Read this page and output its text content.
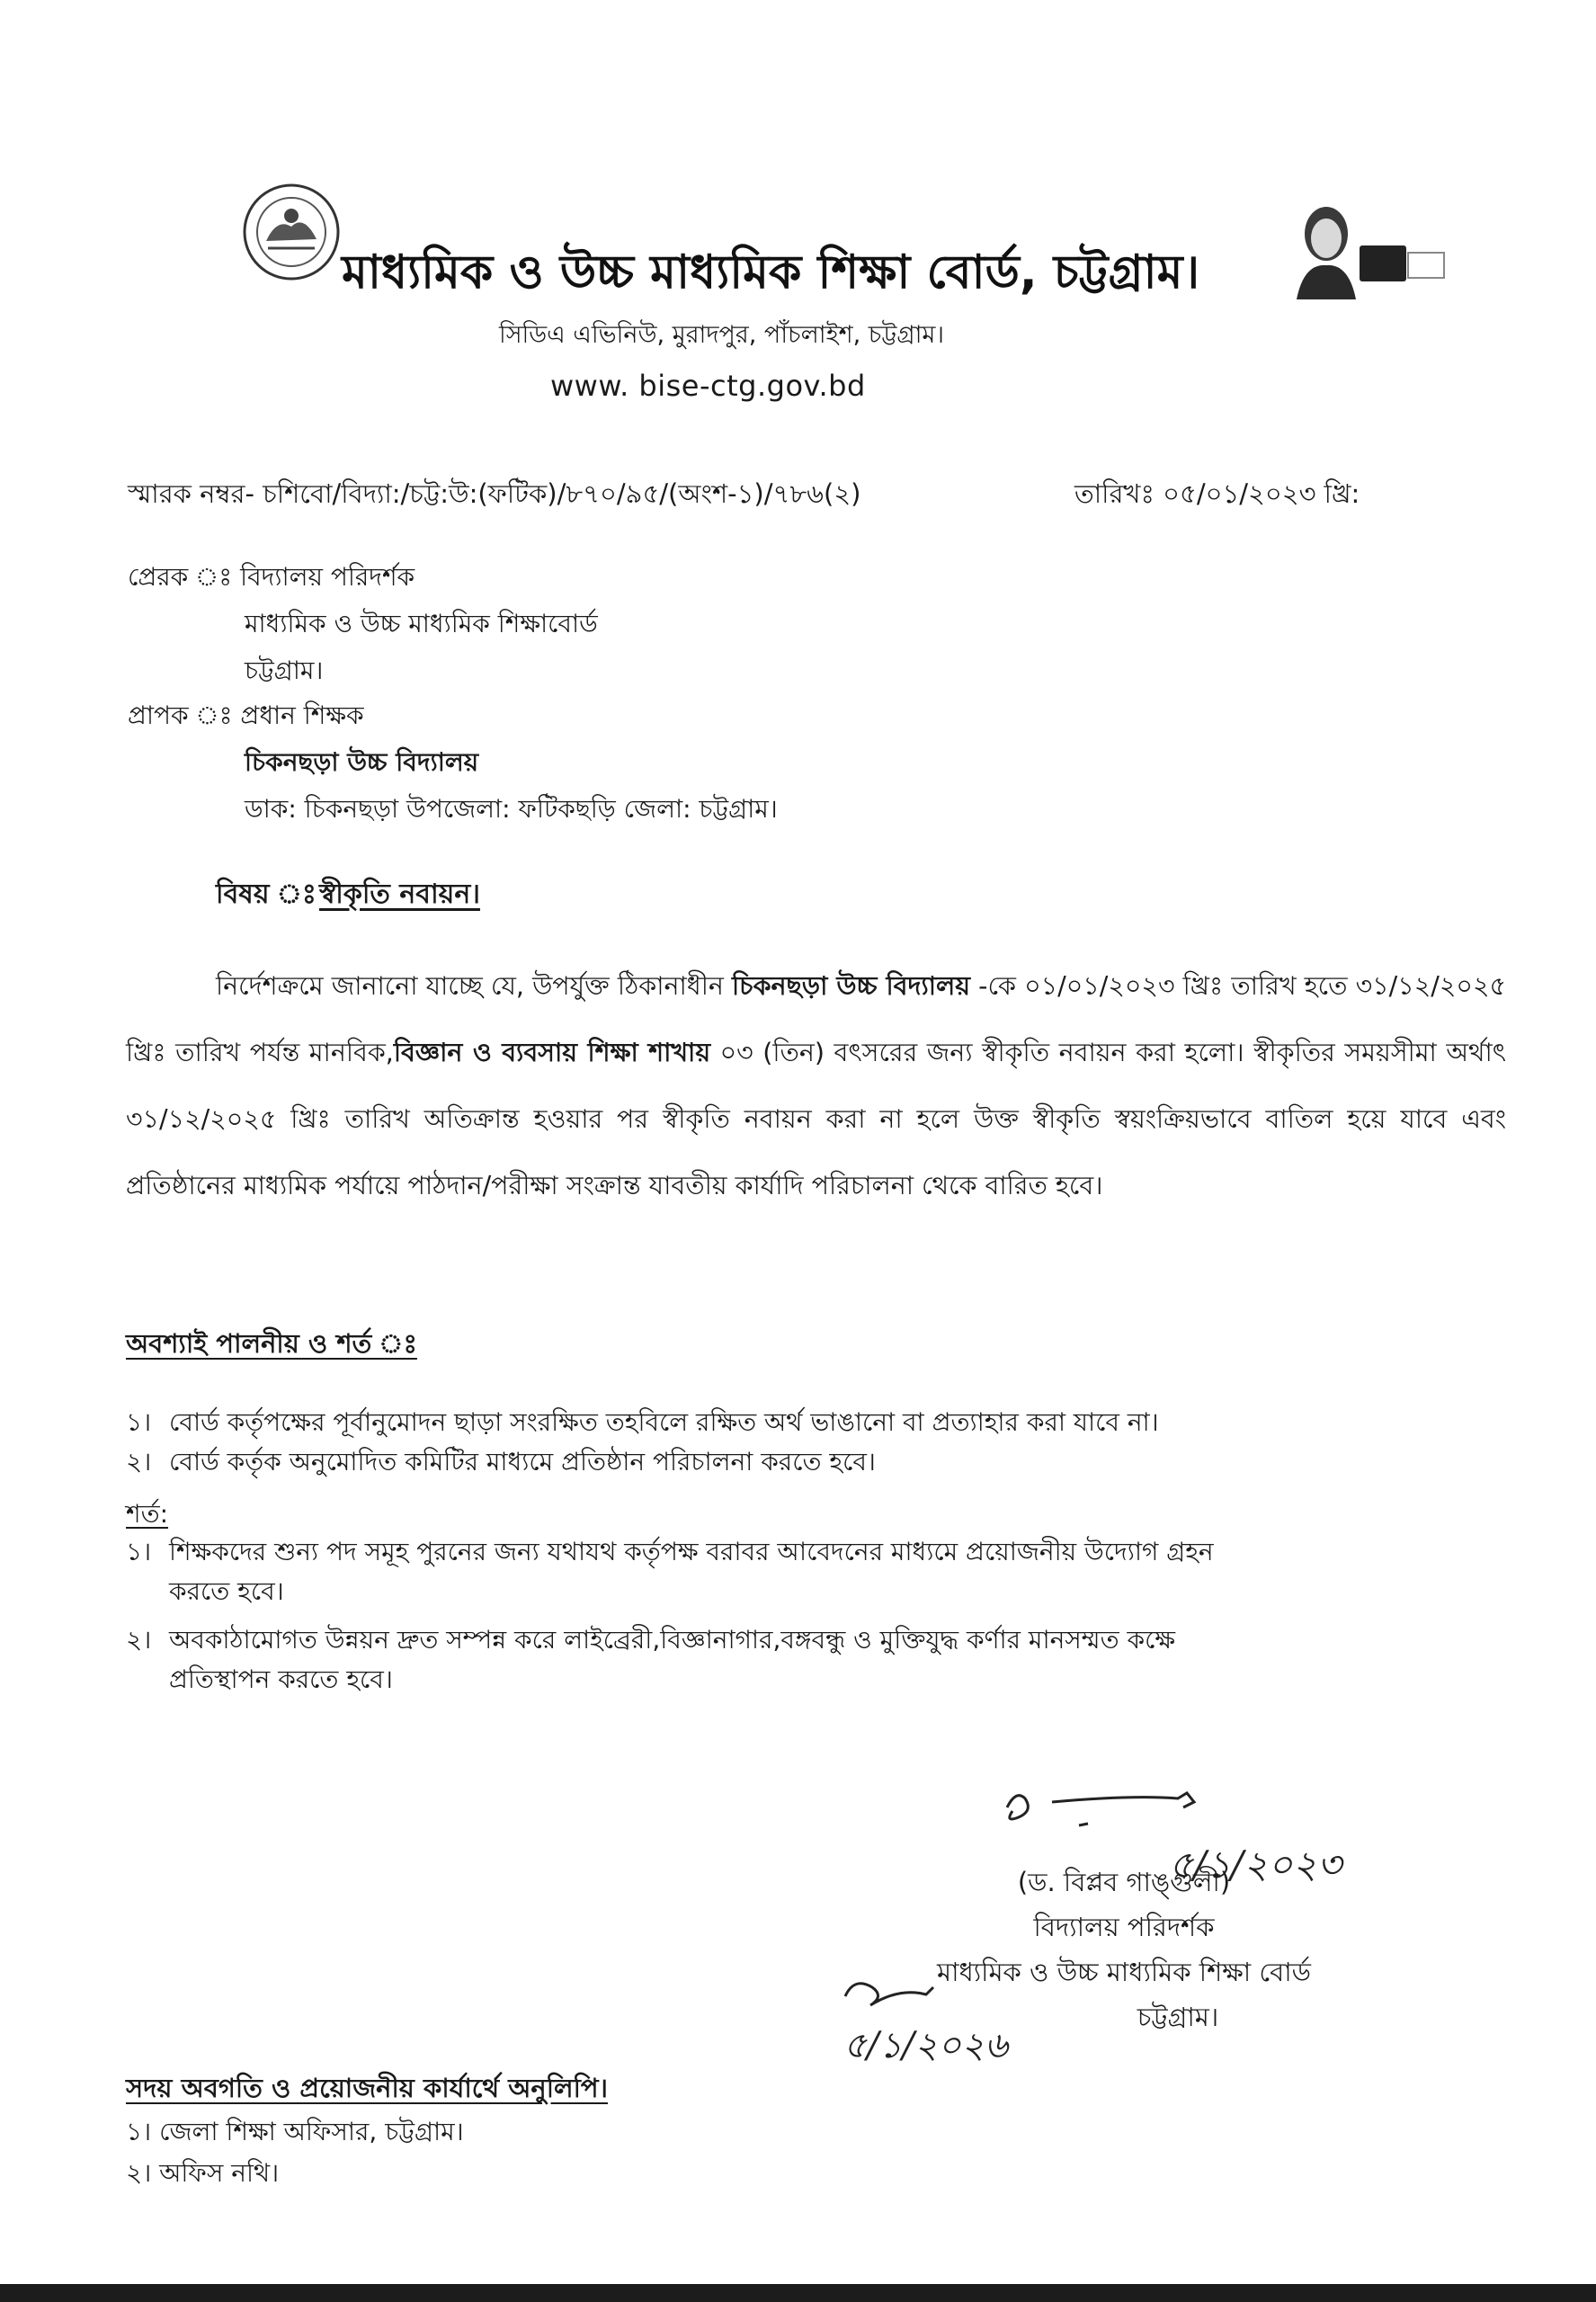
মাধ্যমিক ও উচ্চ মাধ্যমিক শিক্ষা বোর্ড, চট্টগ্রাম।
সিডিএ এভিনিউ, মুরাদপুর, পাঁচলাইশ, চট্টগ্রাম।
www. bise-ctg.gov.bd
স্মারক নম্বর- চশিবো/বিদ্যা:/চট্ট:উ:(ফটিক)/৮৭০/৯৫/(অংশ-১)/৭৮৬(২)	তারিখঃ ০৫/০১/২০২৩ খ্রি:
প্রেরক ঃ বিদ্যালয় পরিদর্শক
মাধ্যমিক ও উচ্চ মাধ্যমিক শিক্ষাবোর্ড
চট্টগ্রাম।
প্রাপক ঃ প্রধান শিক্ষক
চিকনছড়া উচ্চ বিদ্যালয়
ডাক: চিকনছড়া উপজেলা: ফটিকছড়ি জেলা: চট্টগ্রাম।
বিষয় ঃ স্বীকৃতি নবায়ন।
নির্দেশক্রমে জানানো যাচ্ছে যে, উপর্যুক্ত ঠিকানাধীন চিকনছড়া উচ্চ বিদ্যালয় -কে ০১/০১/২০২৩ খ্রিঃ তারিখ হতে ৩১/১২/২০২৫ খ্রিঃ তারিখ পর্যন্ত মানবিক,বিজ্ঞান ও ব্যবসায় শিক্ষা শাখায় ০৩ (তিন) বৎসরের জন্য স্বীকৃতি নবায়ন করা হলো। স্বীকৃতির সময়সীমা অর্থাৎ ৩১/১২/২০২৫ খ্রিঃ তারিখ অতিক্রান্ত হওয়ার পর স্বীকৃতি নবায়ন করা না হলে উক্ত স্বীকৃতি স্বয়ংক্রিয়ভাবে বাতিল হয়ে যাবে এবং প্রতিষ্ঠানের মাধ্যমিক পর্যায়ে পাঠদান/পরীক্ষা সংক্রান্ত যাবতীয় কার্যাদি পরিচালনা থেকে বারিত হবে।
অবশ্যাই পালনীয় ও শর্ত ঃ
১। বোর্ড কর্তৃপক্ষের পূর্বানুমোদন ছাড়া সংরক্ষিত তহবিলে রক্ষিত অর্থ ভাঙানো বা প্রত্যাহার করা যাবে না।
২। বোর্ড কর্তৃক অনুমোদিত কমিটির মাধ্যমে প্রতিষ্ঠান পরিচালনা করতে হবে।
শর্ত:
১। শিক্ষকদের শুন্য পদ সমূহ পুরনের জন্য যথাযথ কর্তৃপক্ষ বরাবর আবেদনের মাধ্যমে প্রয়োজনীয় উদ্যোগ গ্রহন
করতে হবে।
২। অবকাঠামোগত উন্নয়ন দ্রুত সম্পন্ন করে লাইব্রেরী,বিজ্ঞানাগার,বঙ্গবন্ধু ও মুক্তিযুদ্ধ কর্ণার মানসম্মত কক্ষে
প্রতিস্থাপন করতে হবে।
৫/১/২০২৩
(ড. বিপ্লব গাঙ্গুলী)
বিদ্যালয় পরিদর্শক
মাধ্যমিক ও উচ্চ মাধ্যমিক শিক্ষা বোর্ড
চট্টগ্রাম।
৫/১/২০২৬
সদয় অবগতি ও প্রয়োজনীয় কার্যার্থে অনুলিপি।
১। জেলা শিক্ষা অফিসার, চট্টগ্রাম।
২। অফিস নথি।
